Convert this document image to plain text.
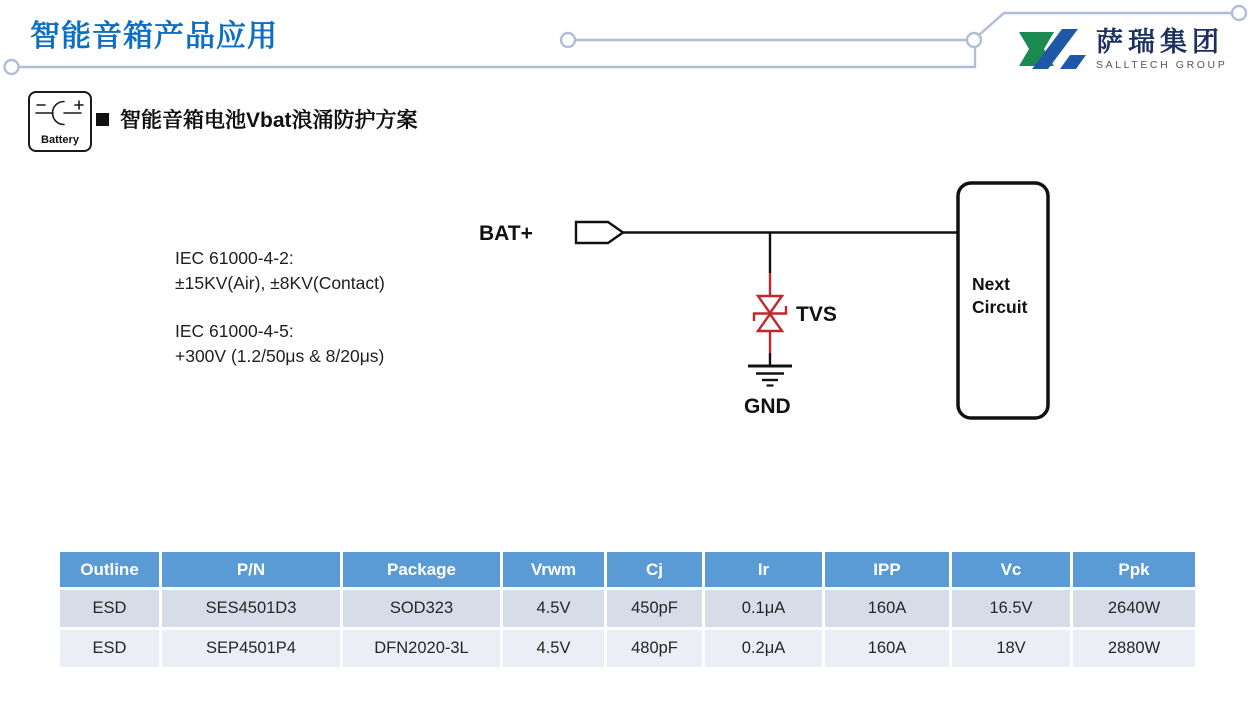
智能音箱产品应用	萨瑞集团
SALLTECH GROUP
Battery
智能音箱电池Vbat浪涌防护方案
IEC 61000-4-2:
±15KV(Air), ±8KV(Contact)
IEC 61000-4-5:
+300V (1.2/50μs & 8/20μs)
BAT+
TVS
GND
Next
Circuit
Outline	P/N	Package	Vrwm	Cj	Ir	IPP	Vc	Ppk
ESD	SES4501D3	SOD323	4.5V	450pF	0.1μA	160A	16.5V	2640W
ESD	SEP4501P4	DFN2020-3L	4.5V	480pF	0.2μA	160A	18V	2880W
